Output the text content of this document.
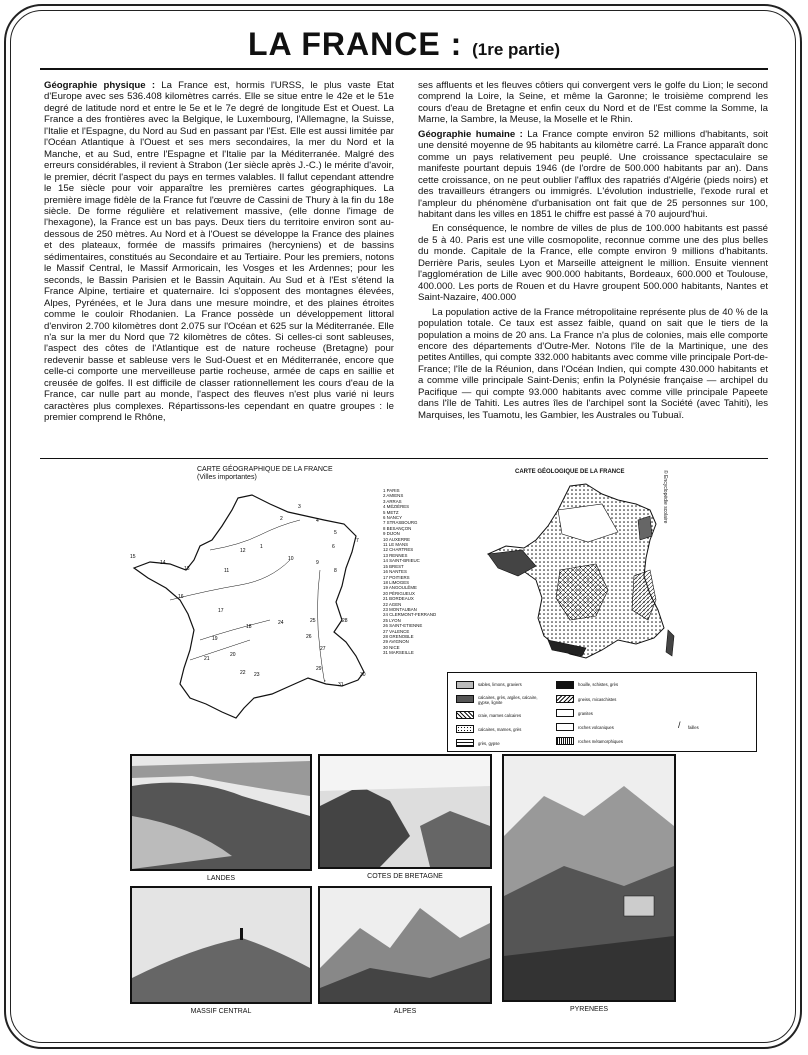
LA FRANCE : (1re partie)

Géographie physique : La France est, hormis l'URSS, le plus vaste Etat d'Europe avec ses 536.408 kilomètres carrés. Elle se situe entre le 42e et le 51e degré de latitude nord et entre le 5e et le 7e degré de longitude Est et Ouest. La France a des frontières avec la Belgique, le Luxembourg, l'Allemagne, la Suisse, l'Italie et l'Espagne, du Nord au Sud en passant par l'Est. Elle est aussi limitée par l'Océan Atlantique à l'Ouest et ses mers secondaires, la mer du Nord et la Manche, et au Sud, entre l'Espagne et l'Italie par la Méditerranée. Malgré des erreurs considérables, il revient à Strabon (1er siècle après J.-C.) le mérite d'avoir, le premier, décrit l'aspect du pays en termes valables. Il fallut cependant attendre le 15e siècle pour voir apparaître les premières cartes géographiques. La première image fidèle de la France fut l'œuvre de Cassini de Thury à la fin du 18e siècle. De forme régulière et relativement massive, (elle donne l'image de l'hexagone), la France est un bas pays. Deux tiers du territoire environ sont au-dessous de 250 mètres. Au Nord et à l'Ouest se développe la France des plaines et des plateaux, formée de massifs primaires (hercyniens) et de bassins sédimentaires, constitués au Secondaire et au Tertiaire. Pour les premiers, notons le Massif Central, le Massif Armoricain, les Vosges et les Ardennes; pour les seconds, le Bassin Parisien et le Bassin Aquitain. Au Sud et à l'Est s'étend la France Alpine, tertiaire et quaternaire. Ici s'opposent des montagnes élevées, Alpes, Pyrénées, et le Jura dans une mesure moindre, et des plaines étroites comme le couloir Rhodanien. La France possède un développement littoral d'environ 2.700 kilomètres dont 2.075 sur l'Océan et 625 sur la Méditerranée. Elle n'a sur la mer du Nord que 72 kilomètres de côtes. Si celles-ci sont sableuses, l'aspect des côtes de l'Atlantique est de nature rocheuse (Bretagne) pour redevenir basse et sableuse vers le Sud-Ouest et en Méditerranée, encore que celle-ci comporte une merveilleuse partie rocheuse, armée de caps en saillie et creusée de golfes. Il est difficile de classer rationnellement les cours d'eau de la France, car nulle part au monde, l'aspect des fleuves n'est plus varié ni leurs caractères plus complexes. Répartissons-les cependant en quatre groupes : le premier comprend le Rhône,

ses affluents et les fleuves côtiers qui convergent vers le golfe du Lion; le second comprend la Loire, la Seine, et même la Garonne; le troisième comprend les cours d'eau de Bretagne et enfin ceux du Nord et de l'Est comme la Somme, la Marne, la Sambre, la Meuse, la Moselle et le Rhin.

Géographie humaine : La France compte environ 52 millions d'habitants, soit une densité moyenne de 95 habitants au kilomètre carré. La France apparaît donc comme un pays relativement peu peuplé. Une croissance spectaculaire se manifeste pourtant depuis 1946 (de l'ordre de 500.000 habitants par an). Dans cette croissance, on ne peut oublier l'afflux des rapatriés d'Algérie (pieds noirs) et des travailleurs étrangers ou immigrés. L'évolution industrielle, l'exode rural et l'ampleur du phénomène d'urbanisation ont fait que de 25 personnes sur 100, habitant dans les villes en 1851 le chiffre est passé à 70 aujourd'hui.

En conséquence, le nombre de villes de plus de 100.000 habitants est passé de 5 à 40. Paris est une ville cosmopolite, reconnue comme une des plus belles du monde. Capitale de la France, elle compte environ 9 millions d'habitants. Derrière Paris, seules Lyon et Marseille atteignent le million. Ensuite viennent l'agglomération de Lille avec 900.000 habitants, Bordeaux, 600.000 et Toulouse, 400.000. Les ports de Rouen et du Havre groupent 500.000 habitants, Nantes et Saint-Nazaire, 400.000

La population active de la France métropolitaine représente plus de 40 % de la population totale. Ce taux est assez faible, quand on sait que le tiers de la population a moins de 20 ans. La France n'a plus de colonies, mais elle comporte encore des départements d'Outre-Mer. Notons l'île de la Martinique, une des petites Antilles, qui compte 332.000 habitants avec comme ville principale Port-de-France; l'île de la Réunion, dans l'Océan Indien, qui compte 430.000 habitants et a comme ville principale Saint-Denis; enfin la Polynésie française — archipel du Pacifique — qui compte 93.000 habitants avec comme ville principale Papeete dans l'île de Tahiti. Les autres îles de l'archipel sont la Société (avec Tahiti), les Marquises, les Tuamotu, les Gambier, les Australes ou Tubuaï.

CARTE GÉOGRAPHIQUE DE LA FRANCE
(Villes importantes)
1
2
3
4
5
6
7
8
9
10
11
12
13
14
15
16
17
18
19
20
21
22 23
24	25
26
27
28
29
30
31
1 PARIS
2 AMIENS
3 ARRAS
4 MÉZIÈRES
5 METZ
6 NANCY
7 STRASBOURG
8 BESANÇON
9 DIJON
10 AUXERRE
11 LE MANS
12 CHARTRES
13 RENNES
14 SAINT-BRIEUC
15 BREST
16 NANTES
17 POITIERS
18 LIMOGES
19 ANGOULÊME
20 PÉRIGUEUX
21 BORDEAUX
22 AGEN
23 MONTAUBAN
24 CLERMONT-FERRAND
25 LYON
26 SAINT-ETIENNE
27 VALENCE
28 GRENOBLE
29 AVIGNON
30 NICE
31 MARSEILLE
CARTE GÉOLOGIQUE DE LA FRANCE	© Encyclopédie scolaire
sables, limons, graviers
calcaires, grès, argiles, calcaire, gypse, lignite
craie, marnes calcaires
calcaires, marnes, grès
grès, gypse
houille, schistes, grès
gneiss, micaschistes
granites
roches volcaniques
roches métamorphiques
/ failles
LANDES	COTES DE BRETAGNE
PYRENEES
MASSIF CENTRAL	ALPES
